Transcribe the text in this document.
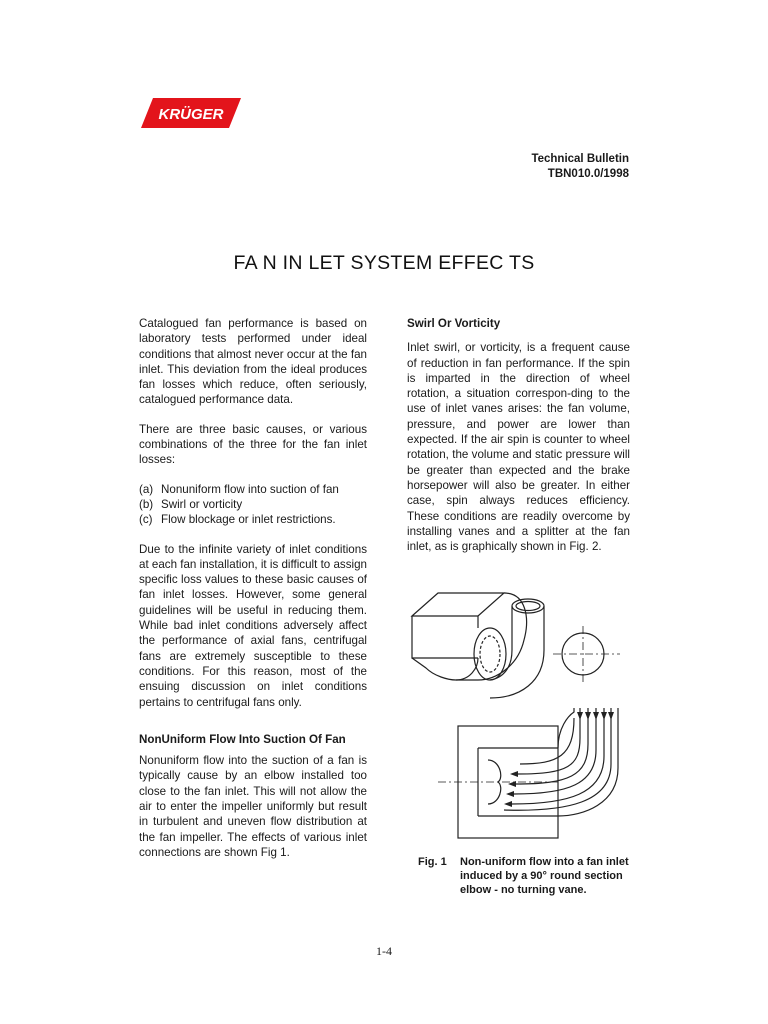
KRÜGER
Technical Bulletin
TBN010.0/1998
FA N IN LET SYSTEM EFFEC TS

Catalogued fan performance is based on laboratory tests performed under ideal conditions that almost never occur at the fan inlet. This deviation from the ideal produces fan losses which reduce, often seriously, catalogued performance data.

There are three basic causes, or various combinations of the three for the fan inlet losses:

(a) Nonuniform flow into suction of fan
(b) Swirl or vorticity
(c) Flow blockage or inlet restrictions.

Due to the infinite variety of inlet conditions at each fan installation, it is difficult to assign specific loss values to these basic causes of fan inlet losses. However, some general guidelines will be useful in reducing them. While bad inlet conditions adversely affect the performance of axial fans, centrifugal fans are extremely susceptible to these conditions. For this reason, most of the ensuing discussion on inlet conditions pertains to centrifugal fans only.

NonUniform Flow Into Suction Of Fan

Nonuniform flow into the suction of a fan is typically cause by an elbow installed too close to the fan inlet. This will not allow the air to enter the impeller uniformly but result in turbulent and uneven flow distribution at the fan impeller. The effects of various inlet connections are shown Fig 1.

Swirl Or Vorticity

Inlet swirl, or vorticity, is a frequent cause of reduction in fan performance. If the spin is imparted in the direction of wheel rotation, a situation correspon-ding to the use of inlet vanes arises: the fan volume, pressure, and power are lower than expected. If the air spin is counter to wheel rotation, the volume and static pressure will be greater than expected and the brake horsepower will also be greater. In either case, spin always reduces efficiency. These conditions are readily overcome by installing vanes and a splitter at the fan inlet, as is graphically shown in Fig. 2.

Fig. 1	Non-uniform flow into a fan inlet induced by a 90° round section elbow - no turning vane.
1-4
